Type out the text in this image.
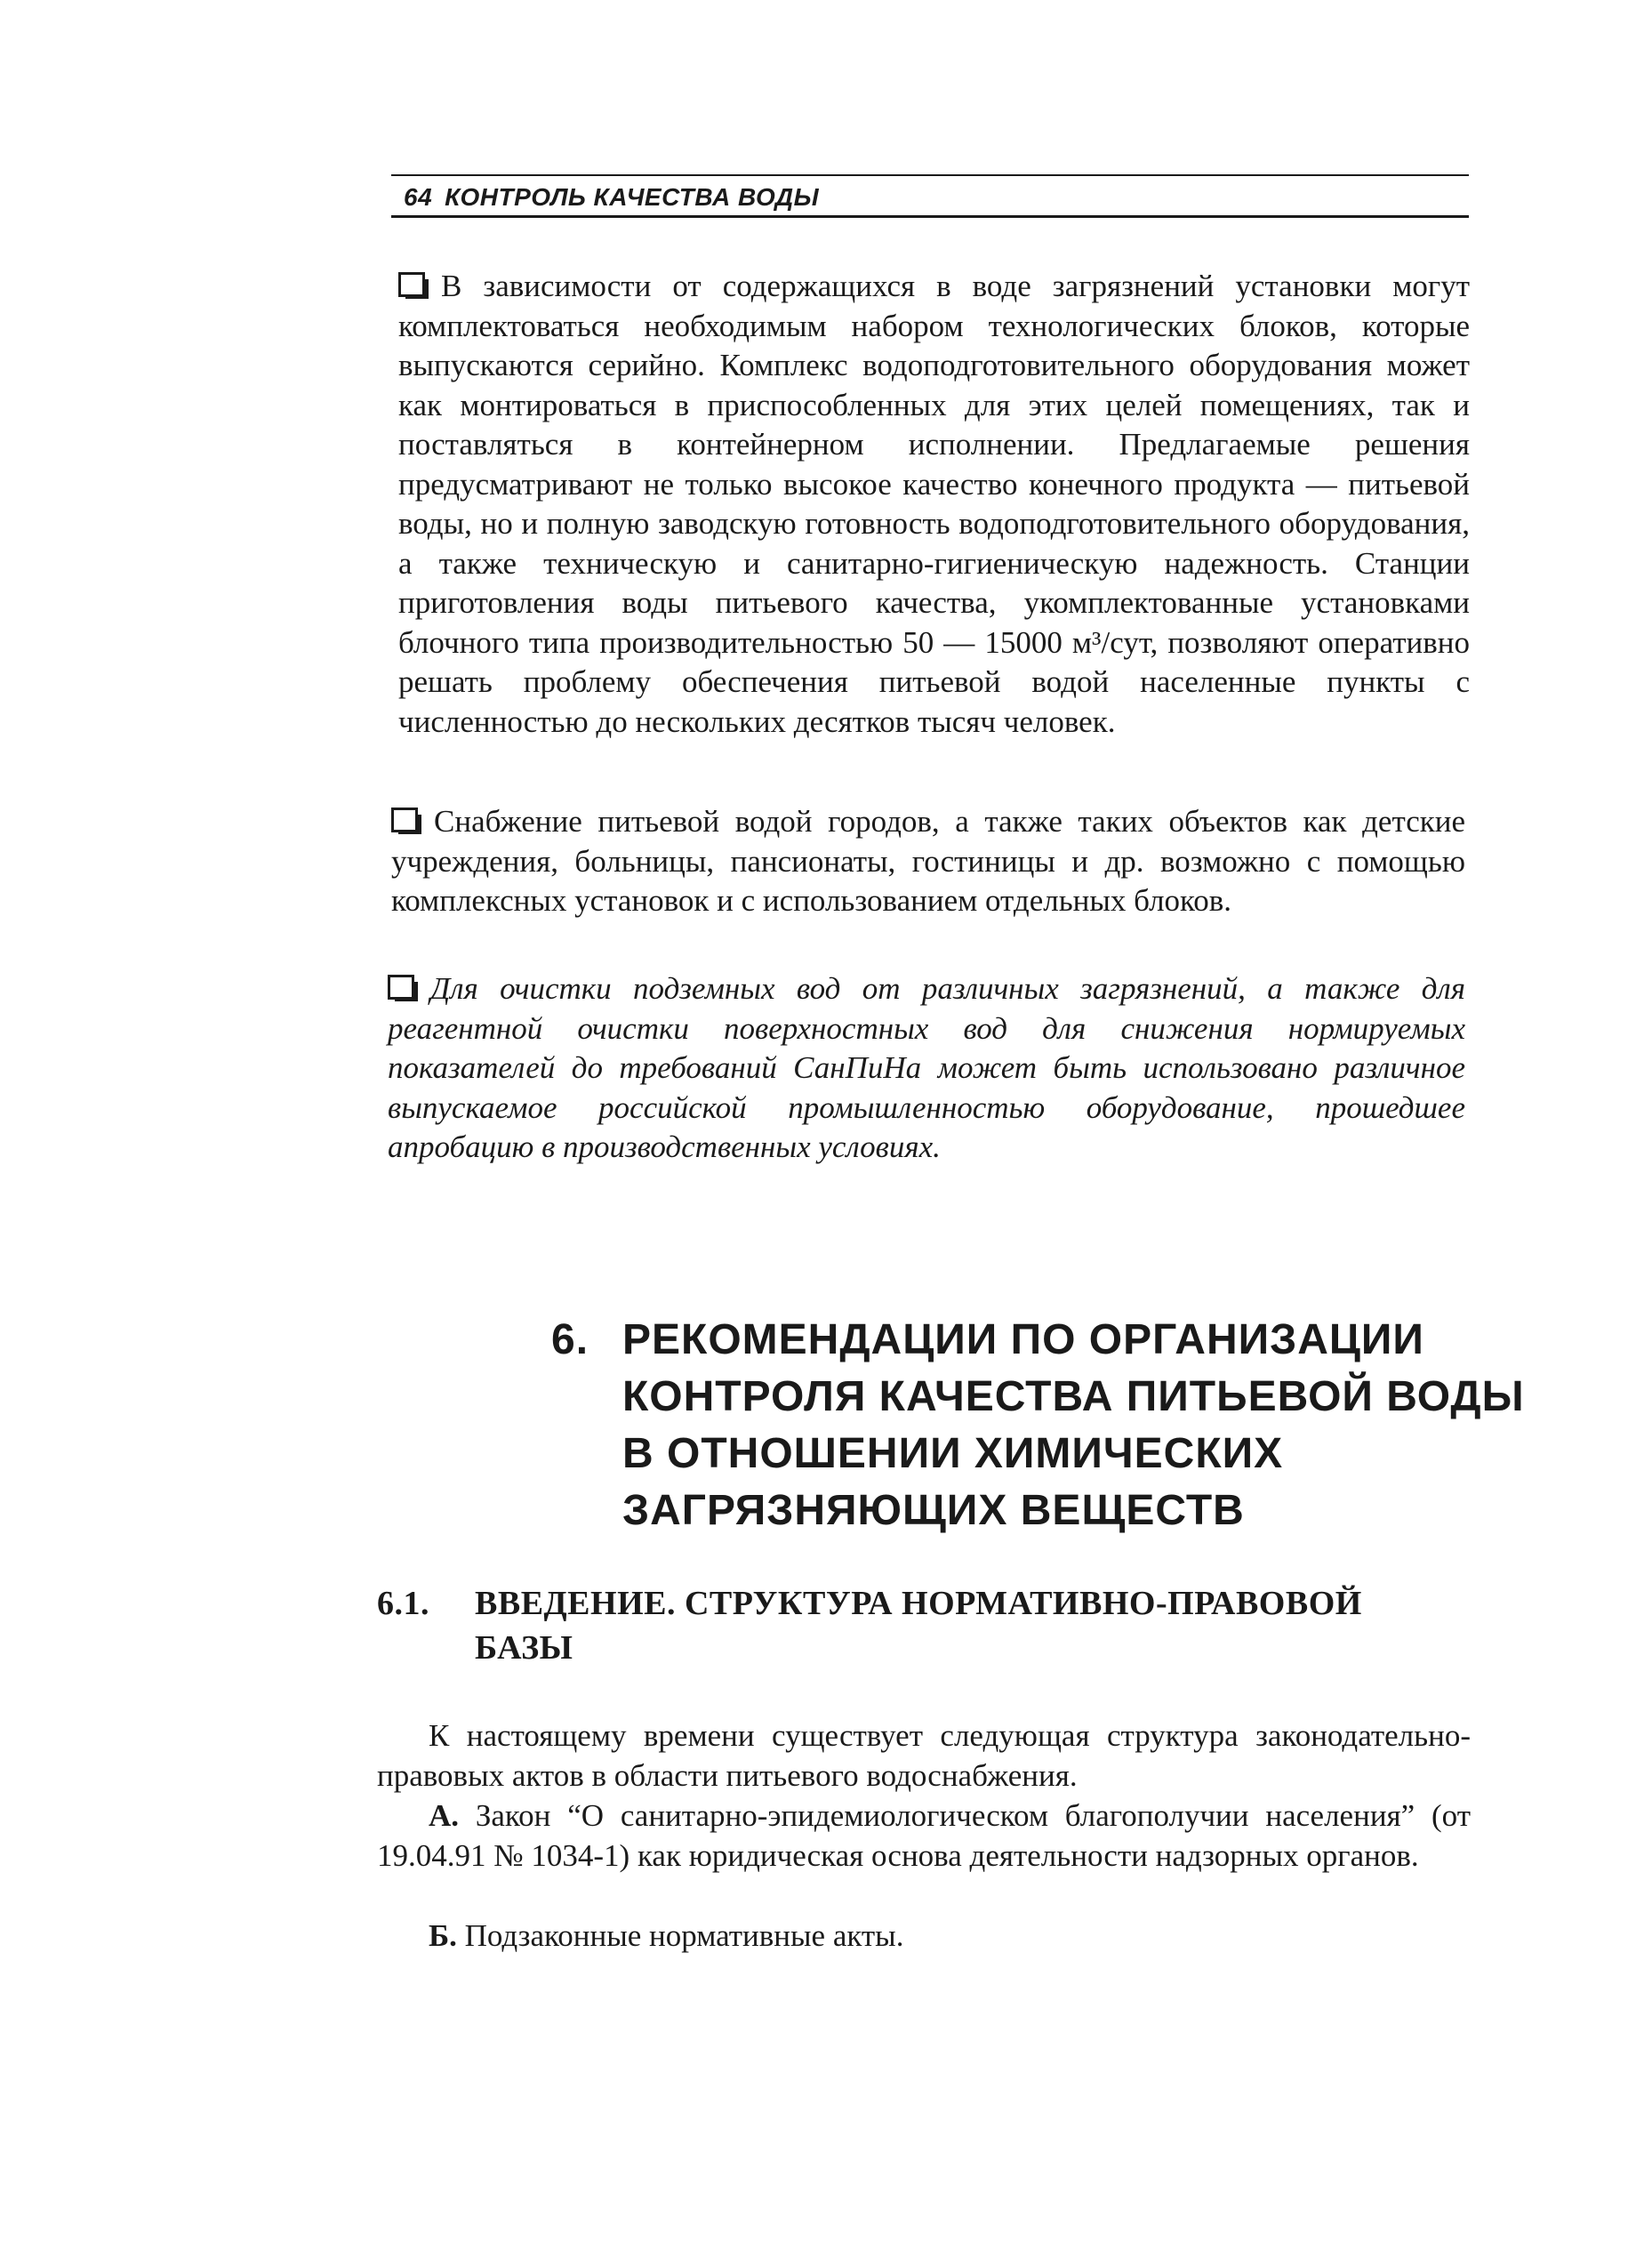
64 КОНТРОЛЬ КАЧЕСТВА ВОДЫ
В зависимости от содержащихся в воде загрязнений установки могут комплектоваться необходимым набором технологических блоков, которые выпускаются серийно. Комплекс водоподготовительного оборудования может как монтироваться в приспособленных для этих целей помещениях, так и поставляться в контейнерном исполнении. Предлагаемые решения предусматривают не только высокое качество конечного продукта — питьевой воды, но и полную заводскую готовность водоподготовительного оборудования, а также техническую и санитарно-гигиеническую надежность. Станции приготовления воды питьевого качества, укомплектованные установками блочного типа производительностью 50 — 15000 м³/сут, позволяют оперативно решать проблему обеспечения питьевой водой населенные пункты с численностью до нескольких десятков тысяч человек.
Снабжение питьевой водой городов, а также таких объектов как детские учреждения, больницы, пансионаты, гостиницы и др. возможно с помощью комплексных установок и с использованием отдельных блоков.
Для очистки подземных вод от различных загрязнений, а также для реагентной очистки поверхностных вод для снижения нормируемых показателей до требований СанПиНа может быть использовано различное выпускаемое российской промышленностью оборудование, прошедшее апробацию в производственных условиях.
6. РЕКОМЕНДАЦИИ ПО ОРГАНИЗАЦИИ
КОНТРОЛЯ КАЧЕСТВА ПИТЬЕВОЙ ВОДЫ
В ОТНОШЕНИИ ХИМИЧЕСКИХ
ЗАГРЯЗНЯЮЩИХ ВЕЩЕСТВ
6.1. ВВЕДЕНИЕ. СТРУКТУРА НОРМАТИВНО-ПРАВОВОЙ
БАЗЫ
К настоящему времени существует следующая структура законодательно-правовых актов в области питьевого водоснабжения.
А. Закон “О санитарно-эпидемиологическом благополучии населения” (от 19.04.91 № 1034-1) как юридическая основа деятельности надзорных органов.
Б. Подзаконные нормативные акты.
